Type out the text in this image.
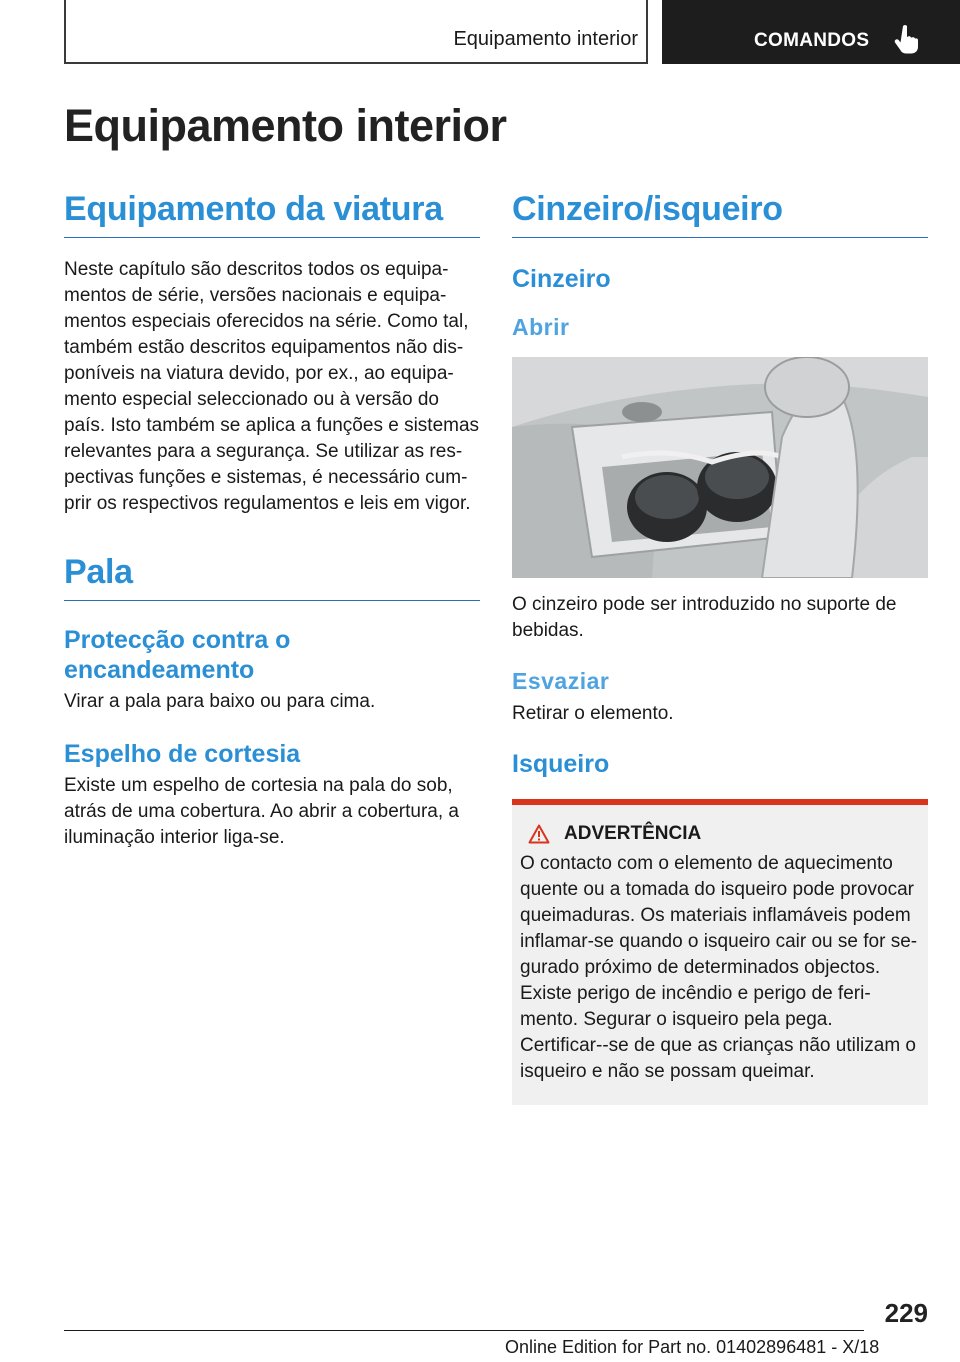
Equipamento interior	COMANDOS
Equipamento interior
Equipamento da viatura

Neste capítulo são descritos todos os equipa-mentos de série, versões nacionais e equipa-mentos especiais oferecidos na série. Como tal, também estão descritos equipamentos não dis-poníveis na viatura devido, por ex., ao equipa-mento especial seleccionado ou à versão do país. Isto também se aplica a funções e sistemas relevantes para a segurança. Se utilizar as res-pectivas funções e sistemas, é necessário cum-prir os respectivos regulamentos e leis em vigor.

Pala
Protecção contra o encandeamento

Virar a pala para baixo ou para cima.

Espelho de cortesia

Existe um espelho de cortesia na pala do sob, atrás de uma cobertura. Ao abrir a cobertura, a iluminação interior liga-se.

Cinzeiro/isqueiro
Cinzeiro
Abrir

O cinzeiro pode ser introduzido no suporte de bebidas.

Esvaziar

Retirar o elemento.

Isqueiro
ADVERTÊNCIA

O contacto com o elemento de aquecimento quente ou a tomada do isqueiro pode provocar queimaduras. Os materiais inflamáveis podem inflamar-se quando o isqueiro cair ou se for se-gurado próximo de determinados objectos. Existe perigo de incêndio e perigo de feri-mento. Segurar o isqueiro pela pega. Certificar--se de que as crianças não utilizam o isqueiro e não se possam queimar.

229
Online Edition for Part no. 01402896481 - X/18
